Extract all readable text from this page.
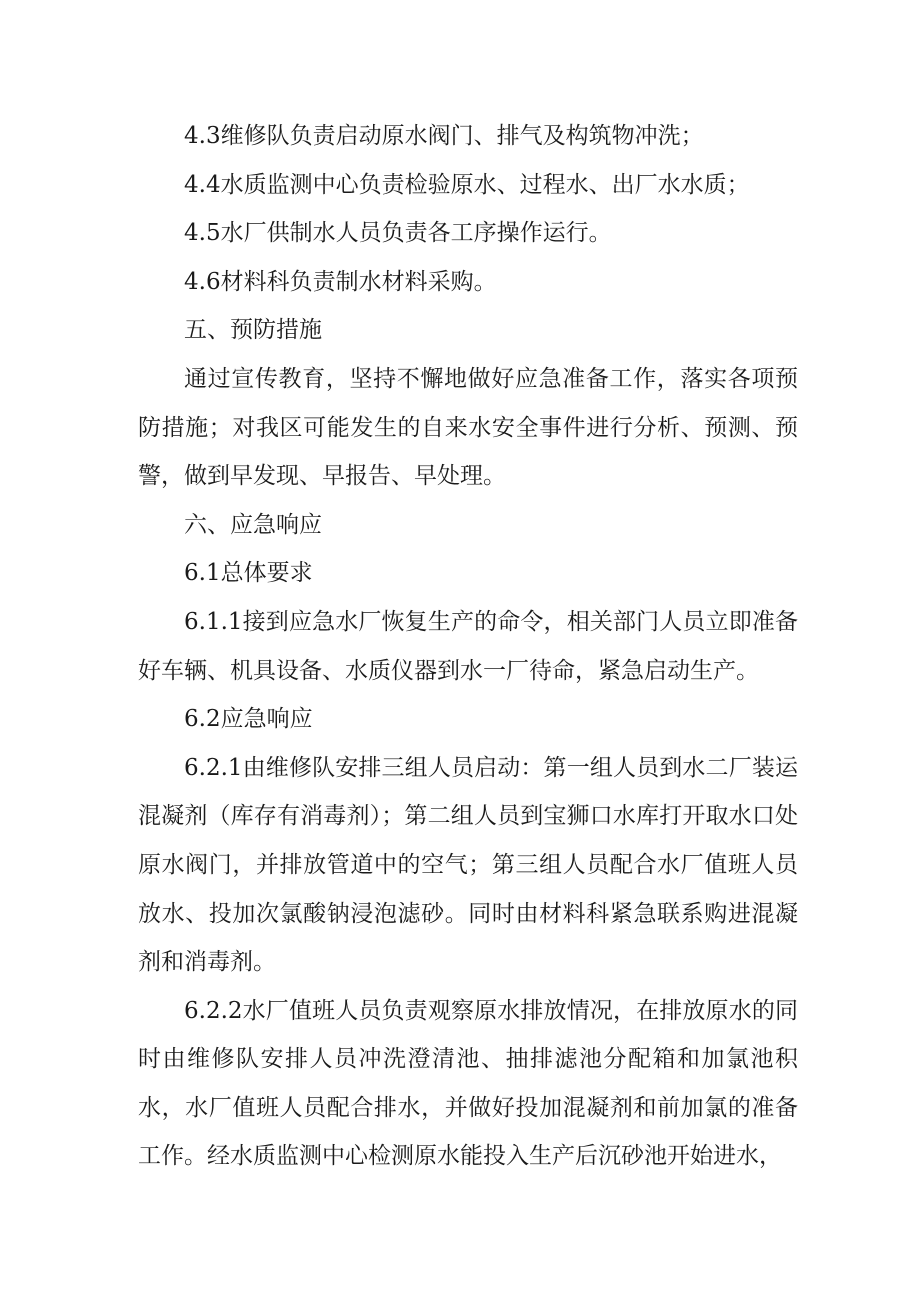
4.3维修队负责启动原水阀门、排气及构筑物冲洗；

4.4水质监测中心负责检验原水、过程水、出厂水水质；

4.5水厂供制水人员负责各工序操作运行。

4.6材料科负责制水材料采购。

五、预防措施

通过宣传教育，坚持不懈地做好应急准备工作，落实各项预防措施；对我区可能发生的自来水安全事件进行分析、预测、预警，做到早发现、早报告、早处理。

六、应急响应

6.1总体要求

6.1.1接到应急水厂恢复生产的命令，相关部门人员立即准备好车辆、机具设备、水质仪器到水一厂待命，紧急启动生产。

6.2应急响应

6.2.1由维修队安排三组人员启动：第一组人员到水二厂装运混凝剂（库存有消毒剂）；第二组人员到宝狮口水库打开取水口处原水阀门，并排放管道中的空气；第三组人员配合水厂值班人员放水、投加次氯酸钠浸泡滤砂。同时由材料科紧急联系购进混凝剂和消毒剂。

6.2.2水厂值班人员负责观察原水排放情况，在排放原水的同时由维修队安排人员冲洗澄清池、抽排滤池分配箱和加氯池积水，水厂值班人员配合排水，并做好投加混凝剂和前加氯的准备工作。经水质监测中心检测原水能投入生产后沉砂池开始进水，
